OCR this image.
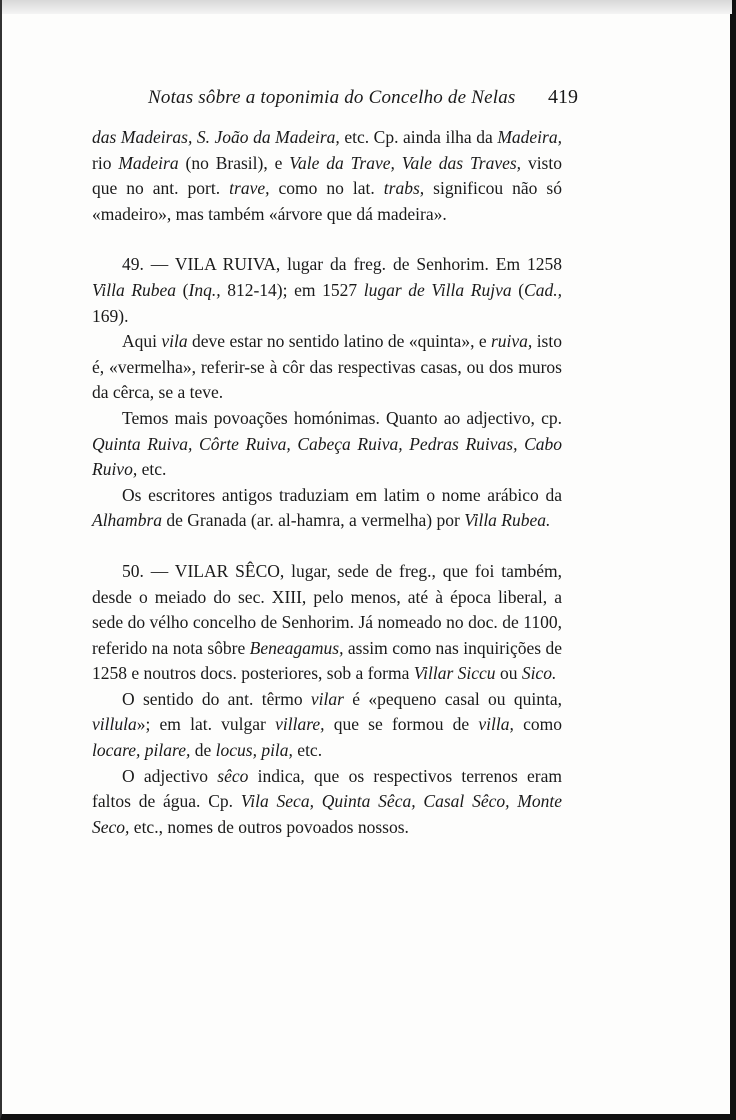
Notas sôbre a toponimia do Concelho de Nelas 419

das Madeiras, S. João da Madeira, etc. Cp. ainda ilha da Madeira, rio Madeira (no Brasil), e Vale da Trave, Vale das Traves, visto que no ant. port. trave, como no lat. trabs, significou não só «madeiro», mas também «árvore que dá madeira».

49. — VILA RUIVA, lugar da freg. de Senhorim. Em 1258 Villa Rubea (Inq., 812-14); em 1527 lugar de Villa Rujva (Cad., 169).

Aqui vila deve estar no sentido latino de «quinta», e ruiva, isto é, «vermelha», referir-se à côr das respectivas casas, ou dos muros da cêrca, se a teve.

Temos mais povoações homónimas. Quanto ao adjectivo, cp. Quinta Ruiva, Côrte Ruiva, Cabeça Ruiva, Pedras Ruivas, Cabo Ruivo, etc.

Os escritores antigos traduziam em latim o nome arábico da Alhambra de Granada (ar. al-hamra, a vermelha) por Villa Rubea.

50. — VILAR SÊCO, lugar, sede de freg., que foi também, desde o meiado do sec. XIII, pelo menos, até à época liberal, a sede do vélho concelho de Senhorim. Já nomeado no doc. de 1100, referido na nota sôbre Beneagamus, assim como nas inquirições de 1258 e noutros docs. posteriores, sob a forma Villar Siccu ou Sico.

O sentido do ant. têrmo vilar é «pequeno casal ou quinta, villula»; em lat. vulgar villare, que se formou de villa, como locare, pilare, de locus, pila, etc.

O adjectivo sêco indica, que os respectivos terrenos eram faltos de água. Cp. Vila Seca, Quinta Sêca, Casal Sêco, Monte Seco, etc., nomes de outros povoados nossos.
